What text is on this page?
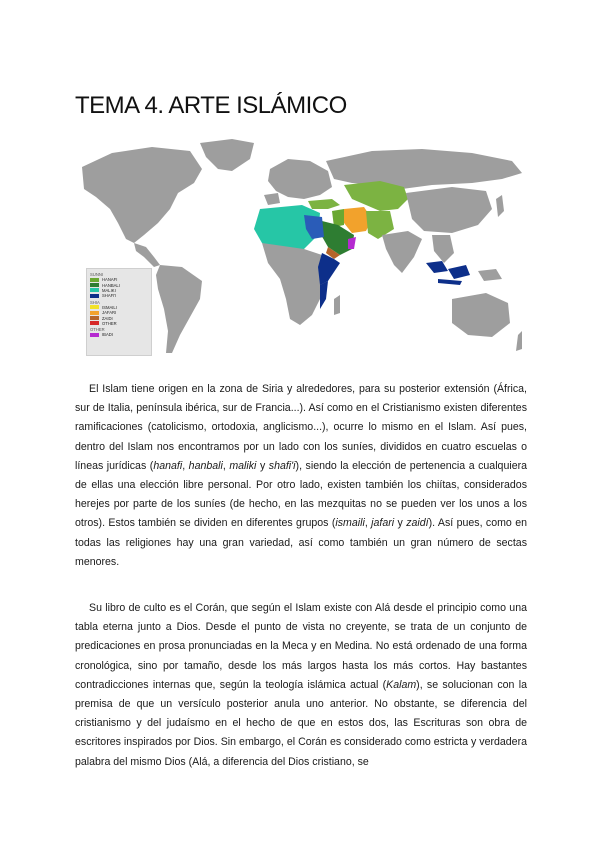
TEMA 4. ARTE ISLÁMICO
SUNNI
HANAFI
HANBALI
MALIKI
SHAFI'I
SHIA
ISMAILI
JAFARI
ZAIDI
OTHER
OTHER
IBADI

El Islam tiene origen en la zona de Siria y alrededores, para su posterior extensión (África, sur de Italia, península ibérica, sur de Francia...). Así como en el Cristianismo existen diferentes ramificaciones (catolicismo, ortodoxia, anglicismo...), ocurre lo mismo en el Islam. Así pues, dentro del Islam nos encontramos por un lado con los suníes, divididos en cuatro escuelas o líneas jurídicas (hanafi, hanbali, maliki y shafi'i), siendo la elección de pertenencia a cualquiera de ellas una elección libre personal. Por otro lado, existen también los chiítas, considerados herejes por parte de los suníes (de hecho, en las mezquitas no se pueden ver los unos a los otros). Estos también se dividen en diferentes grupos (ismaili, jafari y zaidí). Así pues, como en todas las religiones hay una gran variedad, así como también un gran número de sectas menores.

Su libro de culto es el Corán, que según el Islam existe con Alá desde el principio como una tabla eterna junto a Dios. Desde el punto de vista no creyente, se trata de un conjunto de predicaciones en prosa pronunciadas en la Meca y en Medina. No está ordenado de una forma cronológica, sino por tamaño, desde los más largos hasta los más cortos. Hay bastantes contradicciones internas que, según la teología islámica actual (Kalam), se solucionan con la premisa de que un versículo posterior anula uno anterior. No obstante, se diferencia del cristianismo y del judaísmo en el hecho de que en estos dos, las Escrituras son obra de escritores inspirados por Dios. Sin embargo, el Corán es considerado como estricta y verdadera palabra del mismo Dios (Alá, a diferencia del Dios cristiano, se
